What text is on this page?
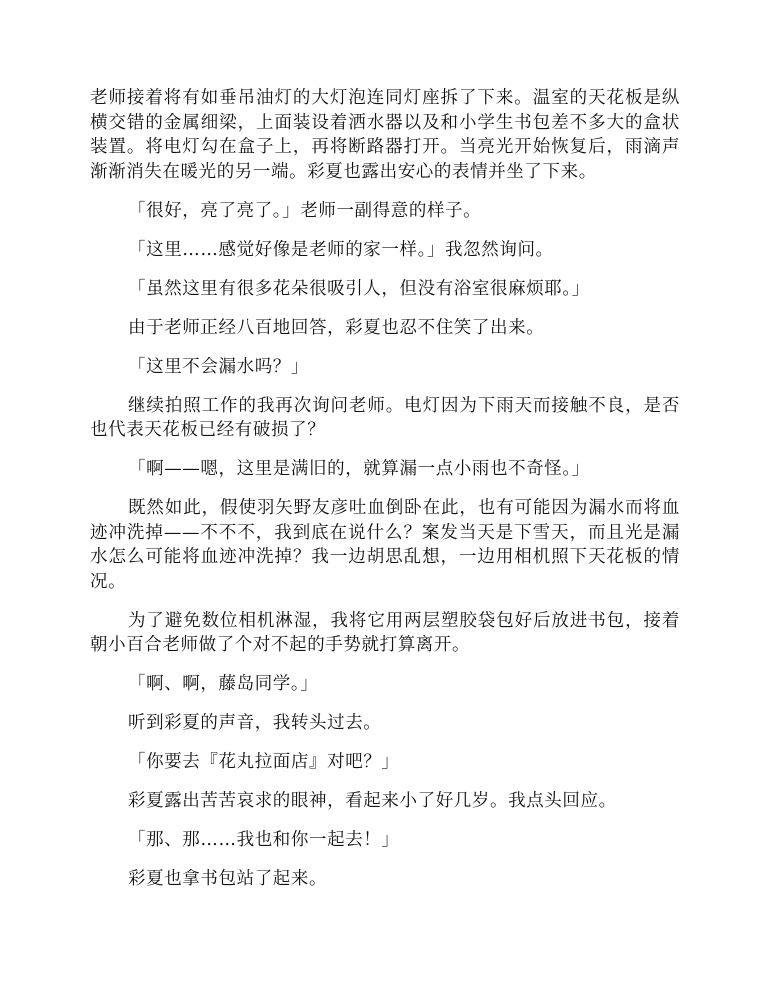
老师接着将有如垂吊油灯的大灯泡连同灯座拆了下来。温室的天花板是纵横交错的金属细梁，上面装设着洒水器以及和小学生书包差不多大的盒状装置。将电灯勾在盒子上，再将断路器打开。当亮光开始恢复后，雨滴声渐渐消失在暖光的另一端。彩夏也露出安心的表情并坐了下来。

「很好，亮了亮了。」老师一副得意的样子。

「这里……感觉好像是老师的家一样。」我忽然询问。

「虽然这里有很多花朵很吸引人，但没有浴室很麻烦耶。」

由于老师正经八百地回答，彩夏也忍不住笑了出来。

「这里不会漏水吗？」

继续拍照工作的我再次询问老师。电灯因为下雨天而接触不良，是否也代表天花板已经有破损了？

「啊——嗯，这里是满旧的，就算漏一点小雨也不奇怪。」

既然如此，假使羽矢野友彦吐血倒卧在此，也有可能因为漏水而将血迹冲洗掉——不不不，我到底在说什么？案发当天是下雪天，而且光是漏水怎么可能将血迹冲洗掉？我一边胡思乱想，一边用相机照下天花板的情况。

为了避免数位相机淋湿，我将它用两层塑胶袋包好后放进书包，接着朝小百合老师做了个对不起的手势就打算离开。

「啊、啊，藤岛同学。」

听到彩夏的声音，我转头过去。

「你要去『花丸拉面店』对吧？」

彩夏露出苦苦哀求的眼神，看起来小了好几岁。我点头回应。

「那、那……我也和你一起去！」

彩夏也拿书包站了起来。
